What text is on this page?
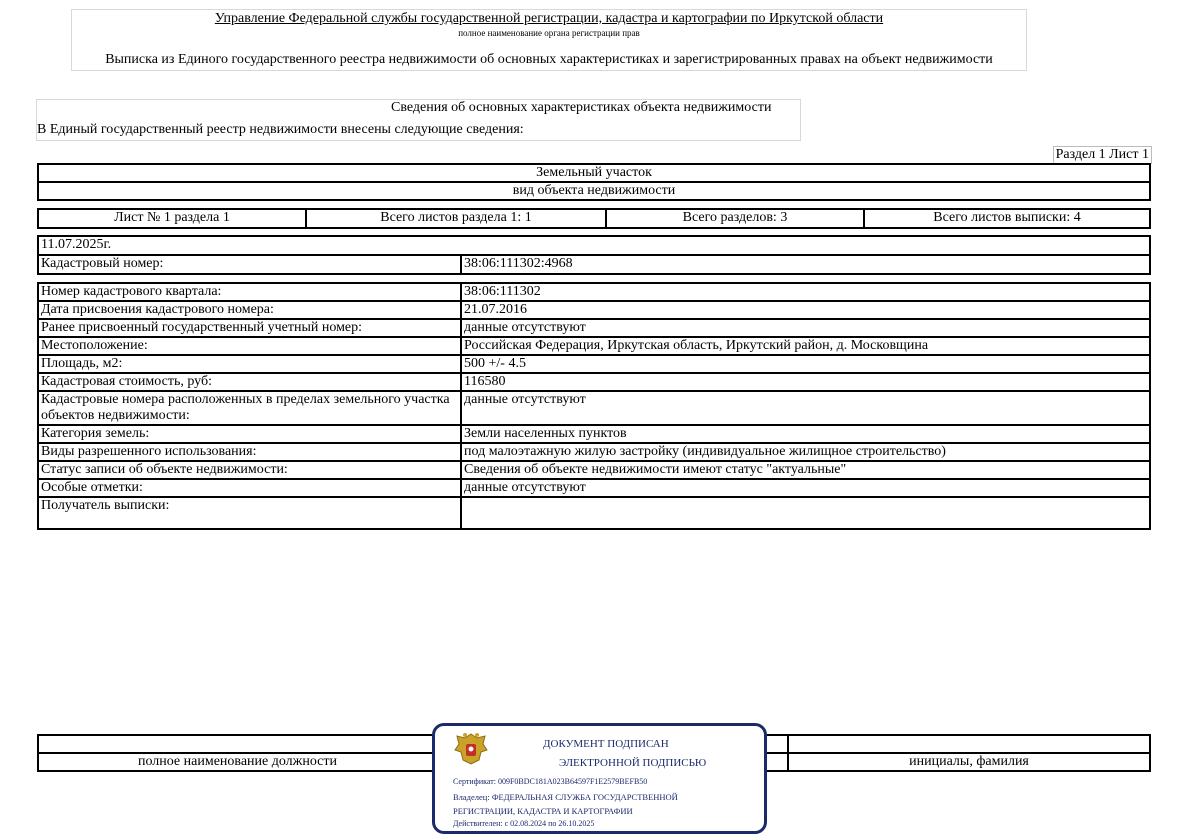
Управление Федеральной службы государственной регистрации, кадастра и картографии по Иркутской области
полное наименование органа регистрации прав
Выписка из Единого государственного реестра недвижимости об основных характеристиках и зарегистрированных правах на объект недвижимости
Сведения об основных характеристиках объекта недвижимости
В Единый государственный реестр недвижимости внесены следующие сведения:
Раздел 1 Лист 1
Земельный участок
вид объекта недвижимости
Лист № 1 раздела 1	Всего листов раздела 1: 1	Всего разделов: 3	Всего листов выписки: 4
11.07.2025г.
Кадастровый номер:	38:06:111302:4968
Номер кадастрового квартала:	38:06:111302
Дата присвоения кадастрового номера:	21.07.2016
Ранее присвоенный государственный учетный номер:	данные отсутствуют
Местоположение:	Российская Федерация, Иркутская область, Иркутский район, д. Московщина
Площадь, м2:	500 +/- 4.5
Кадастровая стоимость, руб:	116580
Кадастровые номера расположенных в пределах земельного участка объектов недвижимости:	данные отсутствуют
Категория земель:	Земли населенных пунктов
Виды разрешенного использования:	под малоэтажную жилую застройку (индивидуальное жилищное строительство)
Статус записи об объекте недвижимости:	Сведения об объекте недвижимости имеют статус "актуальные"
Особые отметки:	данные отсутствуют
Получатель выписки:	

полное наименование должности		инициалы, фамилия
ДОКУМЕНТ ПОДПИСАН
ЭЛЕКТРОННОЙ ПОДПИСЬЮ
Сертификат: 009F0BDC181A023B64597F1E2579BEFB50
Владелец: ФЕДЕРАЛЬНАЯ СЛУЖБА ГОСУДАРСТВЕННОЙ
РЕГИСТРАЦИИ, КАДАСТРА И КАРТОГРАФИИ
Действителен: с 02.08.2024 по 26.10.2025
